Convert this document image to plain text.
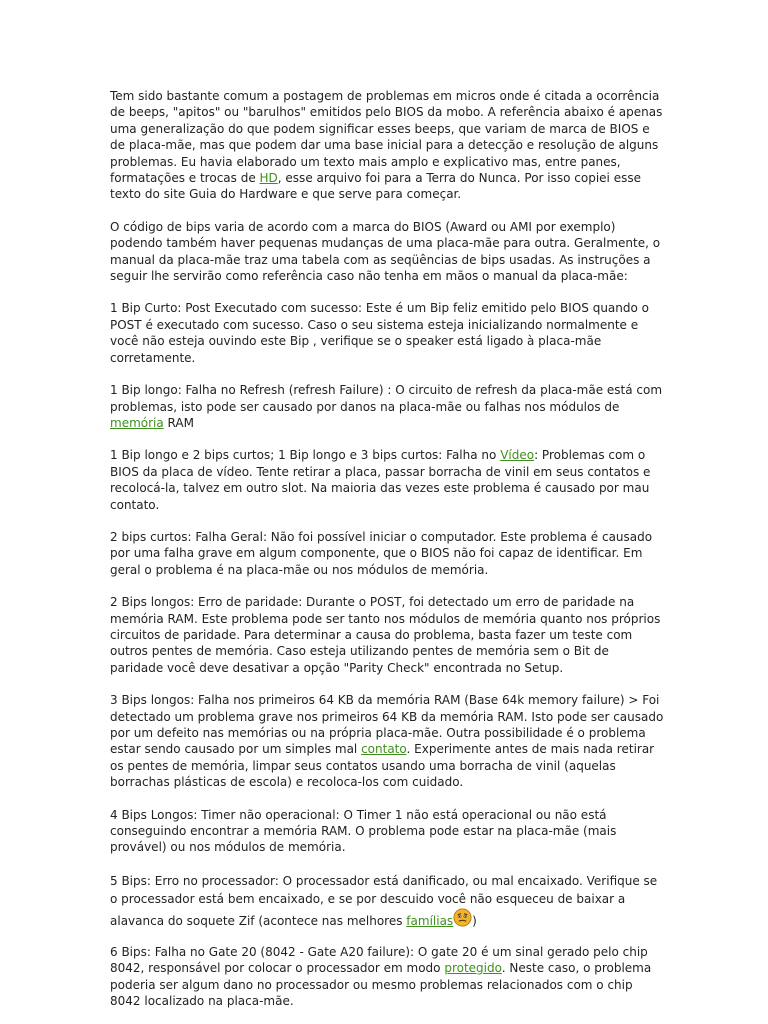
Tem sido bastante comum a postagem de problemas em micros onde é citada a ocorrência de beeps, "apitos" ou "barulhos" emitidos pelo BIOS da mobo. A referência abaixo é apenas uma generalização do que podem significar esses beeps, que variam de marca de BIOS e de placa-mãe, mas que podem dar uma base inicial para a detecção e resolução de alguns problemas. Eu havia elaborado um texto mais amplo e explicativo mas, entre panes, formatações e trocas de HD, esse arquivo foi para a Terra do Nunca. Por isso copiei esse texto do site Guia do Hardware e que serve para começar.

O código de bips varia de acordo com a marca do BIOS (Award ou AMI por exemplo) podendo também haver pequenas mudanças de uma placa-mãe para outra. Geralmente, o manual da placa-mãe traz uma tabela com as seqüências de bips usadas. As instruções a seguir lhe servirão como referência caso não tenha em mãos o manual da placa-mãe:

1 Bip Curto: Post Executado com sucesso: Este é um Bip feliz emitido pelo BIOS quando o POST é executado com sucesso. Caso o seu sistema esteja inicializando normalmente e você não esteja ouvindo este Bip , verifique se o speaker está ligado à placa-mãe corretamente.

1 Bip longo: Falha no Refresh (refresh Failure) : O circuito de refresh da placa-mãe está com problemas, isto pode ser causado por danos na placa-mãe ou falhas nos módulos de memória RAM

1 Bip longo e 2 bips curtos; 1 Bip longo e 3 bips curtos: Falha no Vídeo: Problemas com o BIOS da placa de vídeo. Tente retirar a placa, passar borracha de vinil em seus contatos e recolocá-la, talvez em outro slot. Na maioria das vezes este problema é causado por mau contato.

2 bips curtos: Falha Geral: Não foi possível iniciar o computador. Este problema é causado por uma falha grave em algum componente, que o BIOS não foi capaz de identificar. Em geral o problema é na placa-mãe ou nos módulos de memória.

2 Bips longos: Erro de paridade: Durante o POST, foi detectado um erro de paridade na memória RAM. Este problema pode ser tanto nos módulos de memória quanto nos próprios circuitos de paridade. Para determinar a causa do problema, basta fazer um teste com outros pentes de memória. Caso esteja utilizando pentes de memória sem o Bit de paridade você deve desativar a opção "Parity Check" encontrada no Setup.

3 Bips longos: Falha nos primeiros 64 KB da memória RAM (Base 64k memory failure) > Foi detectado um problema grave nos primeiros 64 KB da memória RAM. Isto pode ser causado por um defeito nas memórias ou na própria placa-mãe. Outra possibilidade é o problema estar sendo causado por um simples mal contato. Experimente antes de mais nada retirar os pentes de memória, limpar seus contatos usando uma borracha de vinil (aquelas borrachas plásticas de escola) e recoloca-los com cuidado.

4 Bips Longos: Timer não operacional: O Timer 1 não está operacional ou não está conseguindo encontrar a memória RAM. O problema pode estar na placa-mãe (mais provável) ou nos módulos de memória.

5 Bips: Erro no processador: O processador está danificado, ou mal encaixado. Verifique se o processador está bem encaixado, e se por descuido você não esqueceu de baixar a alavanca do soquete Zif (acontece nas melhores famílias )

6 Bips: Falha no Gate 20 (8042 - Gate A20 failure): O gate 20 é um sinal gerado pelo chip 8042, responsável por colocar o processador em modo protegido. Neste caso, o problema poderia ser algum dano no processador ou mesmo problemas relacionados com o chip 8042 localizado na placa-mãe.
